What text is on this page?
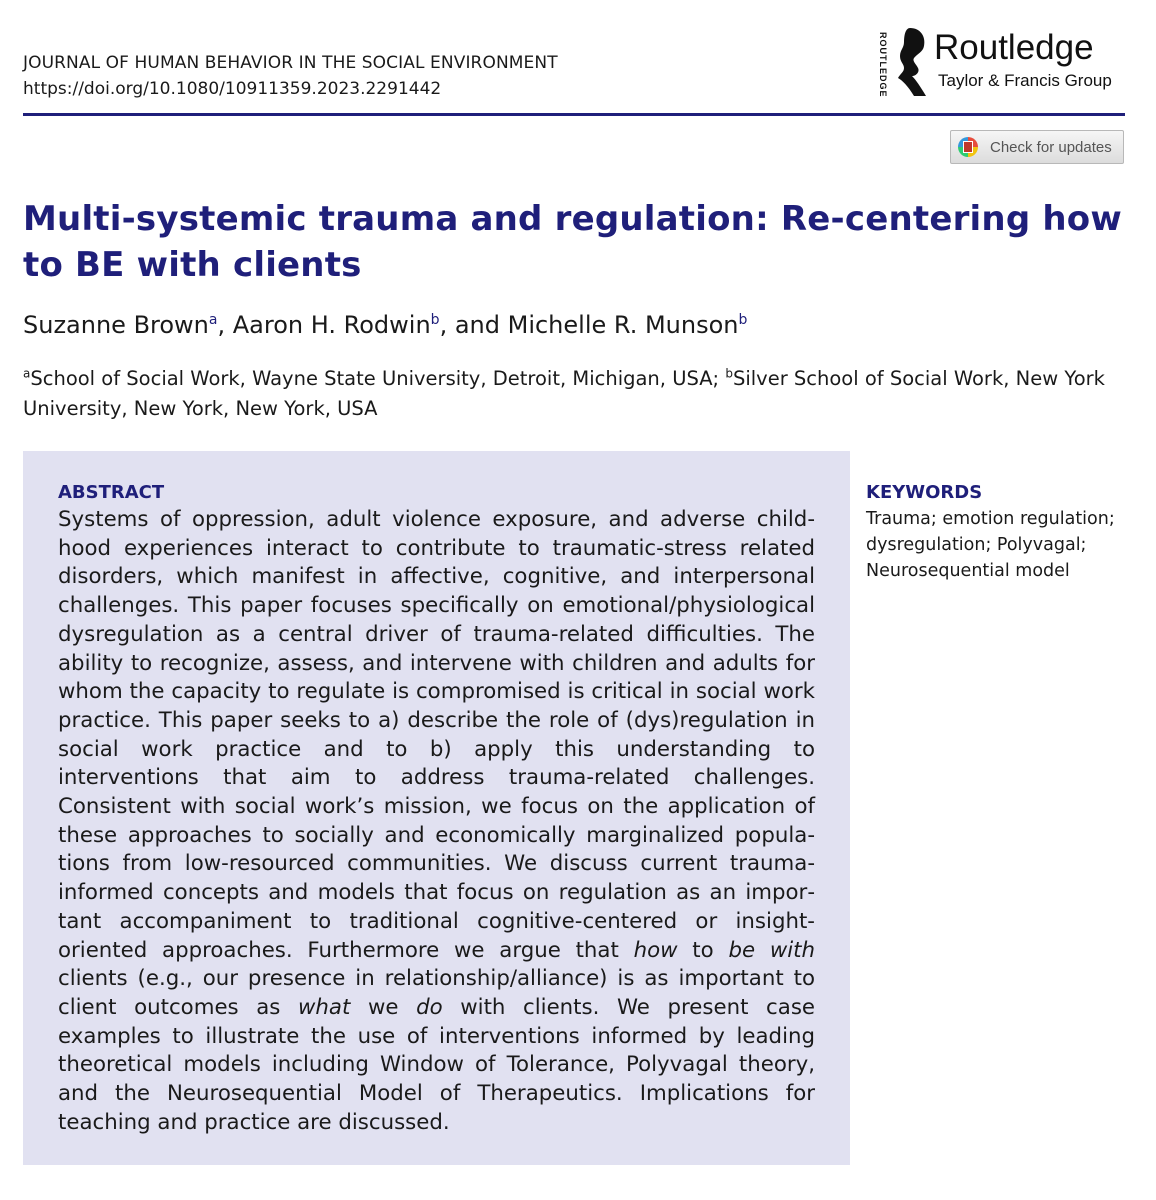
JOURNAL OF HUMAN BEHAVIOR IN THE SOCIAL ENVIRONMENT
https://doi.org/10.1080/10911359.2023.2291442	ROUTLEDGE Routledge
Taylor & Francis Group
Check for updates
Multi-systemic trauma and regulation: Re-centering how to BE with clients
Suzanne Brown$^a$, Aaron H. Rodwin$^b$, and Michelle R. Munson$^b$
$^a$School of Social Work, Wayne State University, Detroit, Michigan, USA; $^b$Silver School of Social Work, New York University, New York, New York, USA
ABSTRACT

Systems of oppression, adult violence exposure, and adverse childhood experiences interact to contribute to traumatic-stress related disorders, which manifest in affective, cognitive, and interpersonal challenges. This paper focuses specifically on emotional/physiological dysregulation as a central driver of trauma-related difficulties. The ability to recognize, assess, and intervene with children and adults for whom the capacity to regulate is compromised is critical in social work practice. This paper seeks to a) describe the role of (dys)regulation in social work practice and to b) apply this understanding to interventions that aim to address trauma-related challenges. Consistent with social work’s mission, we focus on the application of these approaches to socially and economically marginalized populations from low-resourced communities. We discuss current trauma-informed concepts and models that focus on regulation as an important accompaniment to traditional cognitive-centered or insight-oriented approaches. Furthermore we argue that how to be with clients (e.g., our presence in relationship/alliance) is as important to client outcomes as what we do with clients. We present case examples to illustrate the use of interventions informed by leading theoretical models including Window of Tolerance, Polyvagal theory, and the Neurosequential Model of Therapeutics. Implications for teaching and practice are discussed.

KEYWORDS
Trauma; emotion regulation; dysregulation; Polyvagal; Neurosequential model
